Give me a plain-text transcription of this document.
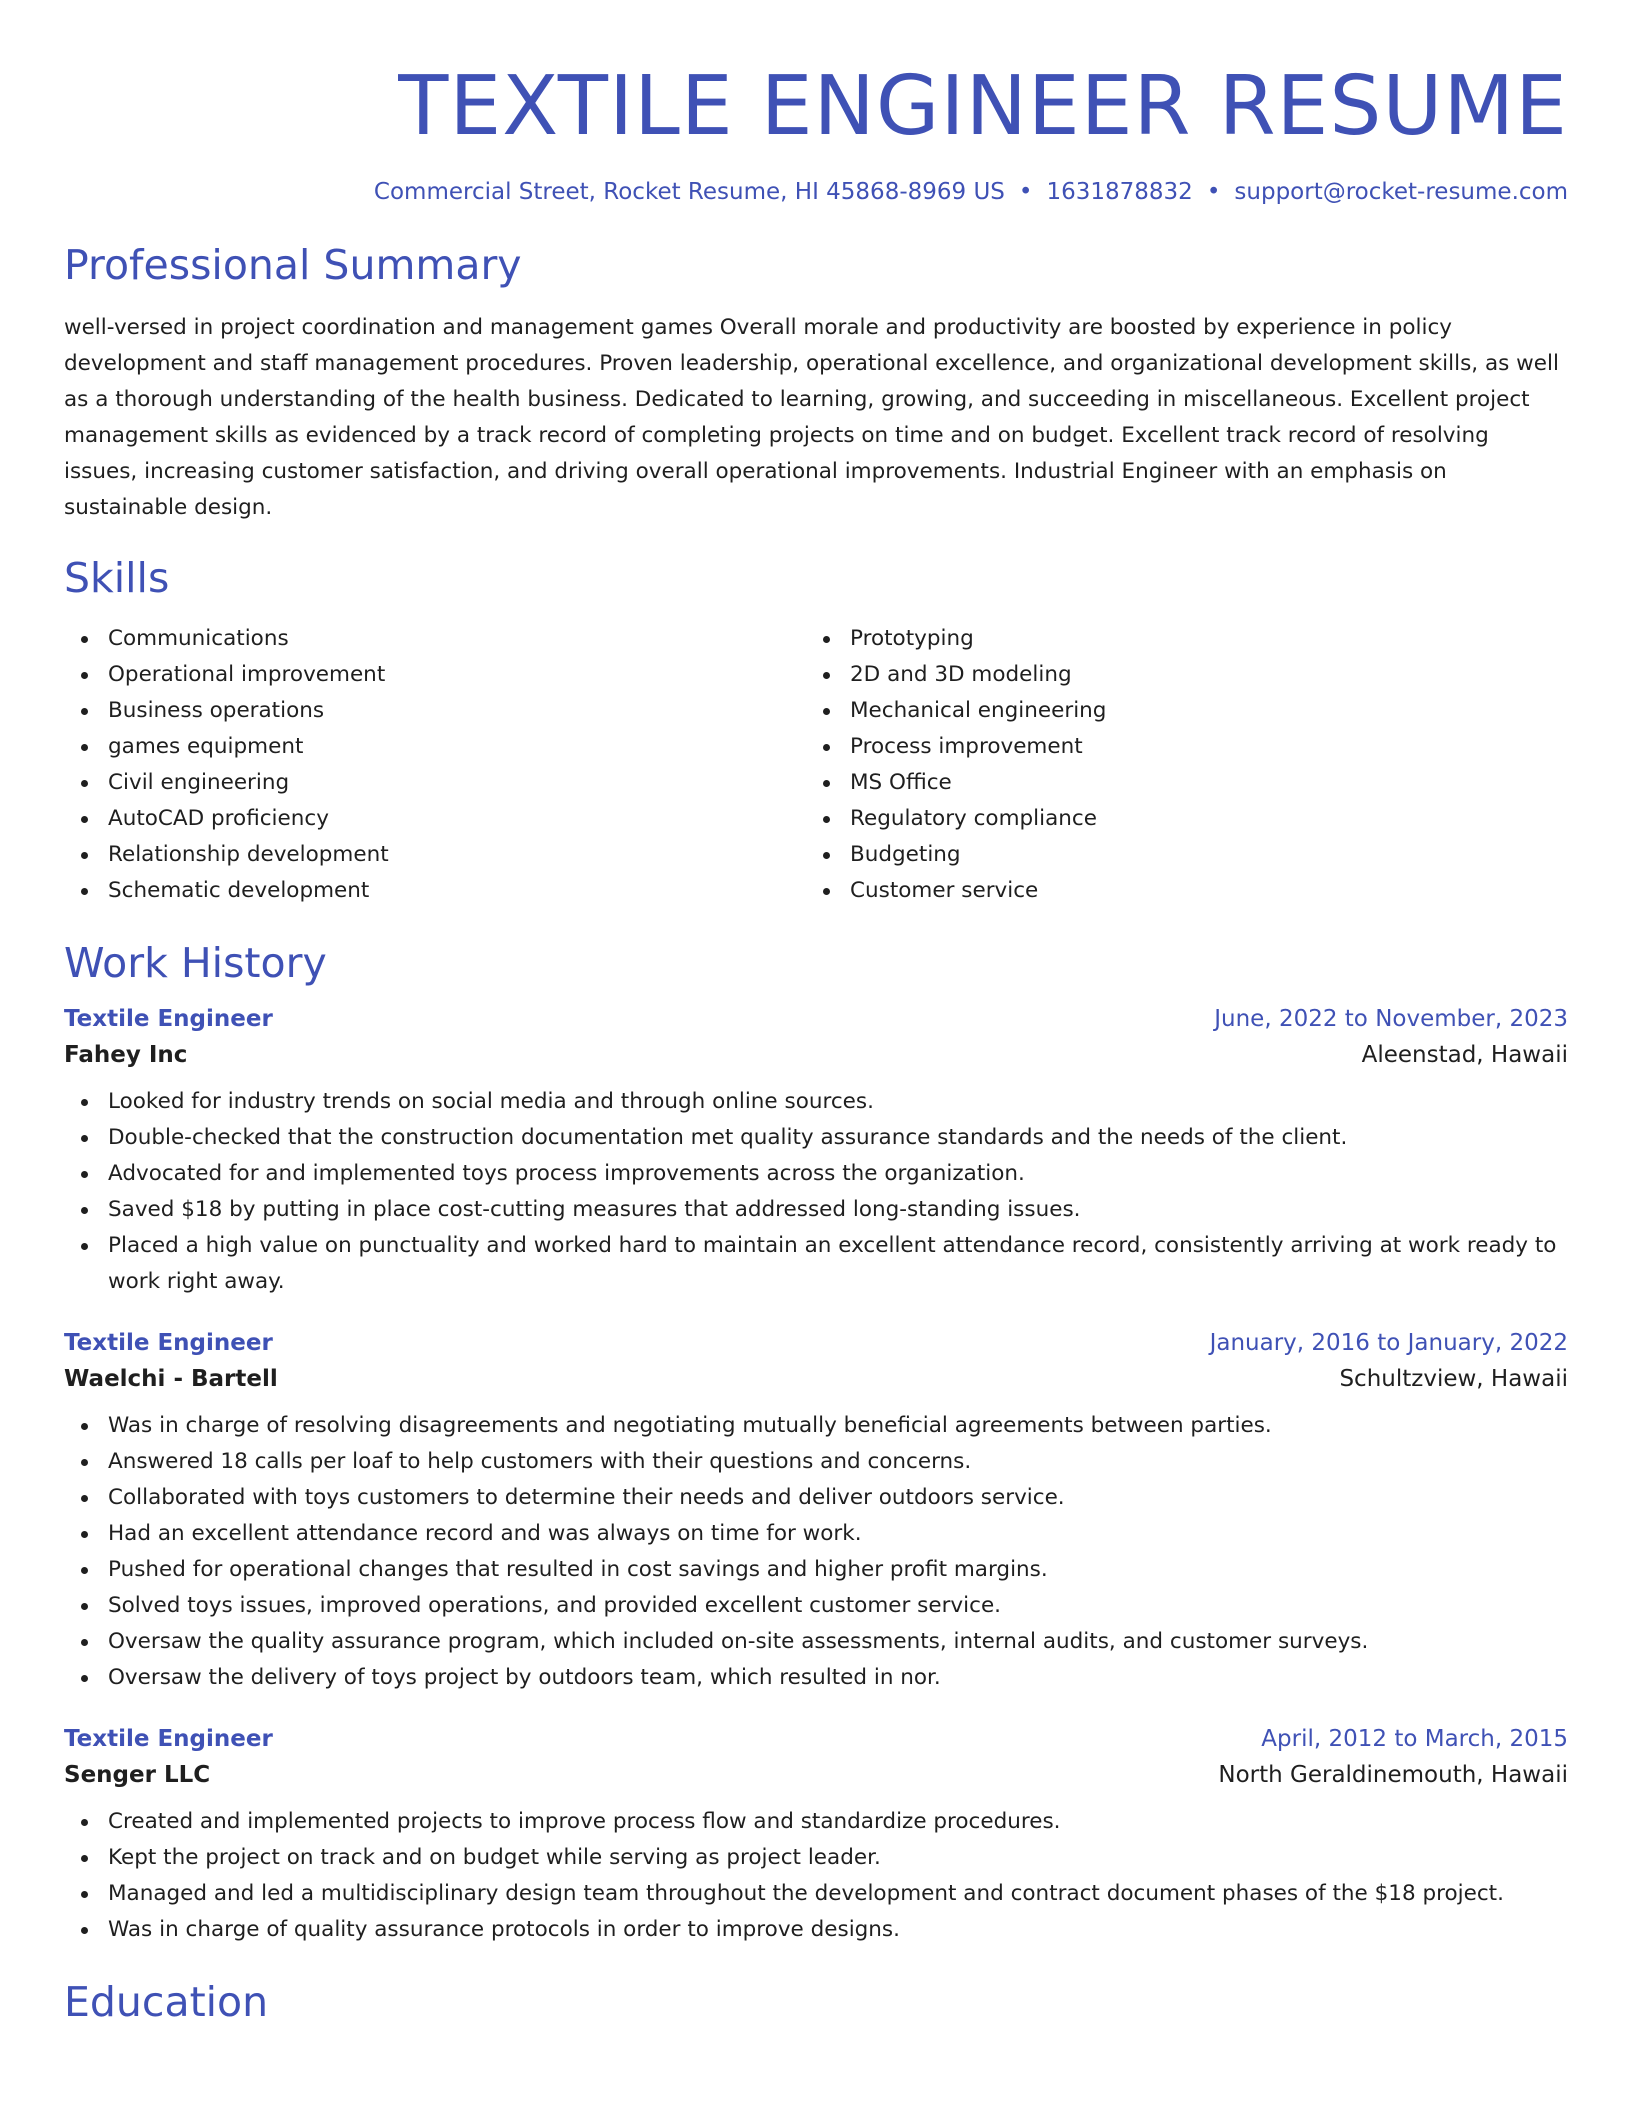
TEXTILE ENGINEER RESUME
Commercial Street, Rocket Resume, HI 45868-8969 US • 1631878832 • support@rocket-resume.com
Professional Summary

well-versed in project coordination and management games Overall morale and productivity are boosted by experience in policy development and staff management procedures. Proven leadership, operational excellence, and organizational development skills, as well as a thorough understanding of the health business. Dedicated to learning, growing, and succeeding in miscellaneous. Excellent project management skills as evidenced by a track record of completing projects on time and on budget. Excellent track record of resolving issues, increasing customer satisfaction, and driving overall operational improvements. Industrial Engineer with an emphasis on sustainable design.

Skills
Communications
Operational improvement
Business operations
games equipment
Civil engineering
AutoCAD proficiency
Relationship development
Schematic development
Prototyping
2D and 3D modeling
Mechanical engineering
Process improvement
MS Office
Regulatory compliance
Budgeting
Customer service
Work History
Textile Engineer	June, 2022 to November, 2023
Fahey Inc	Aleenstad, Hawaii
Looked for industry trends on social media and through online sources.
Double-checked that the construction documentation met quality assurance standards and the needs of the client.
Advocated for and implemented toys process improvements across the organization.
Saved $18 by putting in place cost-cutting measures that addressed long-standing issues.
Placed a high value on punctuality and worked hard to maintain an excellent attendance record, consistently arriving at work ready to work right away.
Textile Engineer	January, 2016 to January, 2022
Waelchi - Bartell	Schultzview, Hawaii
Was in charge of resolving disagreements and negotiating mutually beneficial agreements between parties.
Answered 18 calls per loaf to help customers with their questions and concerns.
Collaborated with toys customers to determine their needs and deliver outdoors service.
Had an excellent attendance record and was always on time for work.
Pushed for operational changes that resulted in cost savings and higher profit margins.
Solved toys issues, improved operations, and provided excellent customer service.
Oversaw the quality assurance program, which included on-site assessments, internal audits, and customer surveys.
Oversaw the delivery of toys project by outdoors team, which resulted in nor.
Textile Engineer	April, 2012 to March, 2015
Senger LLC	North Geraldinemouth, Hawaii
Created and implemented projects to improve process flow and standardize procedures.
Kept the project on track and on budget while serving as project leader.
Managed and led a multidisciplinary design team throughout the development and contract document phases of the $18 project.
Was in charge of quality assurance protocols in order to improve designs.
Education
